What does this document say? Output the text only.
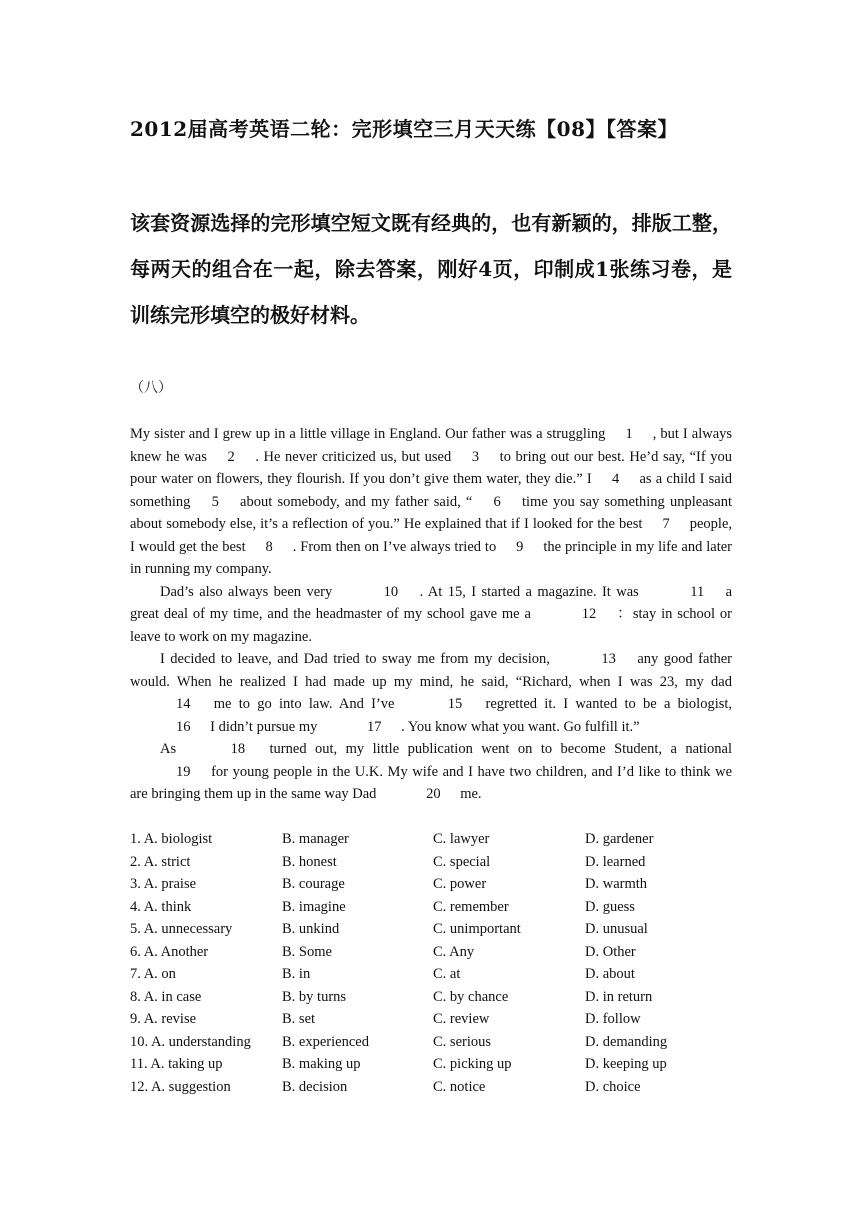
2012届高考英语二轮：完形填空三月天天练【08】【答案】
该套资源选择的完形填空短文既有经典的，也有新颖的，排版工整，每两天的组合在一起，除去答案，刚好4页，印制成1张练习卷，是训练完形填空的极好材料。
（八）

My sister and I grew up in a little village in England. Our father was a struggling 1 , but I always knew he was 2 . He never criticized us, but used 3 to bring out our best. He’d say, “If you pour water on flowers, they flourish. If you don’t give them water, they die.” I 4 as a child I said something 5 about somebody, and my father said, “ 6 time you say something unpleasant about somebody else, it’s a reflection of you.” He explained that if I looked for the best 7 people, I would get the best 8 . From then on I’ve always tried to 9 the principle in my life and later in running my company.

Dad’s also always been very	10 . At 15, I started a magazine. It was	11 a great deal of my time, and the headmaster of my school gave me a	12 ：stay in school or leave to work on my magazine.

I decided to leave, and Dad tried to sway me from my decision,	13 any good father would. When he realized I had made up my mind, he said, “Richard, when I was 23, my dad 14 me to go into law. And I’ve	15 regretted it. I wanted to be a biologist, 16 I didn’t pursue my	17 . You know what you want. Go fulfill it.”

As	18 turned out, my little publication went on to become Student, a national 19 for young people in the U.K. My wife and I have two children, and I’d like to think we are bringing them up in the same way Dad	20 me.

1. A. biologist	B. manager	C. lawyer	D. gardener
2. A. strict	B. honest	C. special	D. learned
3. A. praise	B. courage	C. power	D. warmth
4. A. think	B. imagine	C. remember	D. guess
5. A. unnecessary	B. unkind	C. unimportant	D. unusual
6. A. Another	B. Some	C. Any	D. Other
7. A. on	B. in	C. at	D. about
8. A. in case	B. by turns	C. by chance	D. in return
9. A. revise	B. set	C. review	D. follow
10. A. understanding B. experienced	C. serious	D. demanding
11. A. taking up	B. making up	C. picking up	D. keeping up
12. A. suggestion	B. decision	C. notice	D. choice
